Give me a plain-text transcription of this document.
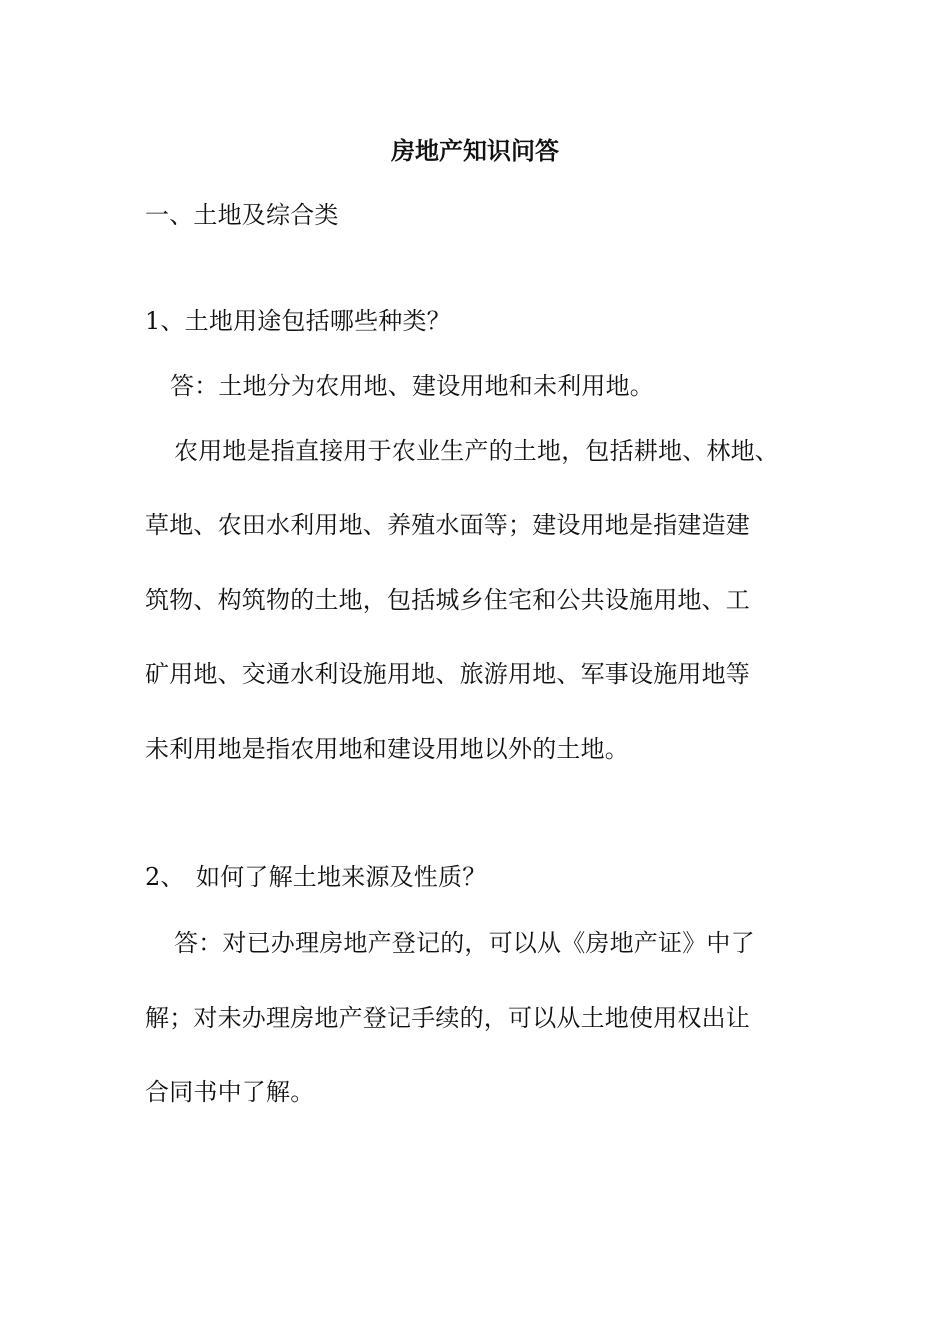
房地产知识问答
一、土地及综合类
1、土地用途包括哪些种类？
答：土地分为农用地、建设用地和未利用地。
农用地是指直接用于农业生产的土地，包括耕地、林地、
草地、农田水利用地、养殖水面等；建设用地是指建造建
筑物、构筑物的土地，包括城乡住宅和公共设施用地、工
矿用地、交通水利设施用地、旅游用地、军事设施用地等
未利用地是指农用地和建设用地以外的土地。
2、 如何了解土地来源及性质？
答：对已办理房地产登记的，可以从《房地产证》中了
解；对未办理房地产登记手续的，可以从土地使用权出让
合同书中了解。
